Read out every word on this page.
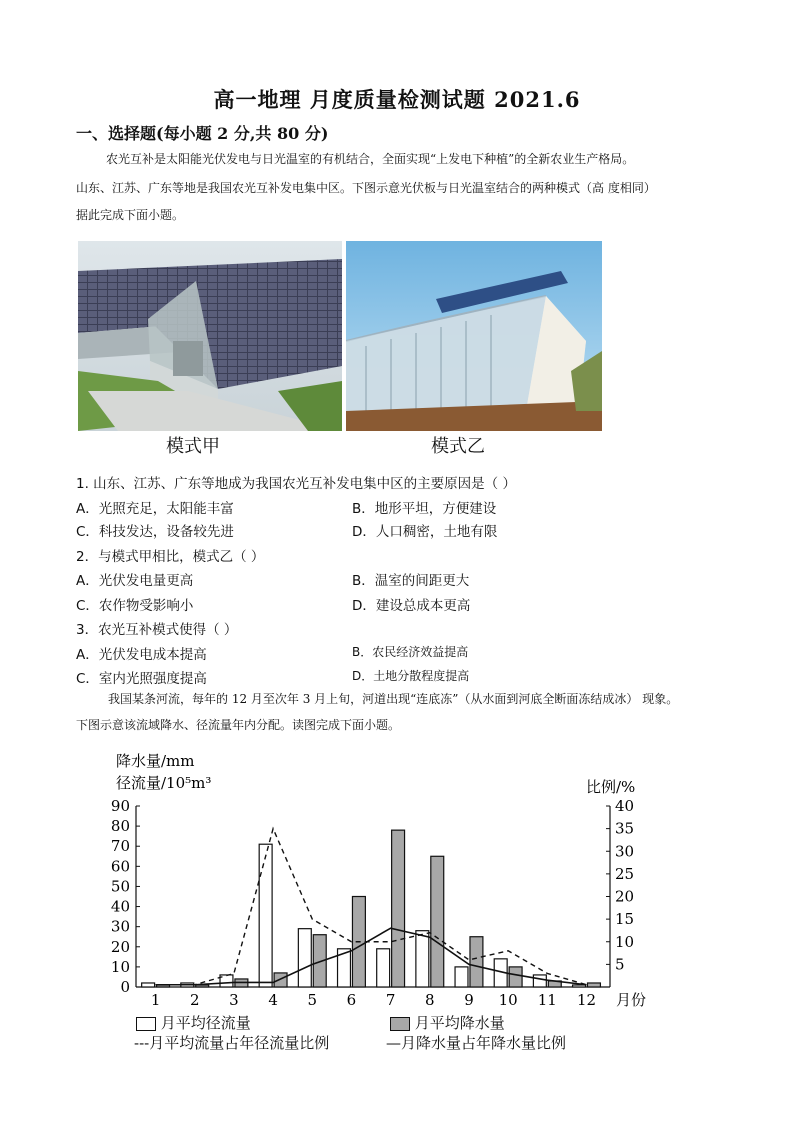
高一地理 月度质量检测试题 2021.6
一、选择题(每小题 2 分,共 80 分)
农光互补是太阳能光伏发电与日光温室的有机结合，全面实现“上发电下种植”的全新农业生产格局。
山东、江苏、广东等地是我国农光互补发电集中区。下图示意光伏板与日光温室结合的两种模式（高 度相同）
据此完成下面小题。
模式甲	模式乙
1. 山东、江苏、广东等地成为我国农光互补发电集中区的主要原因是（ ）
A．光照充足，太阳能丰富	B．地形平坦，方便建设
C．科技发达，设备较先进	D．人口稠密，土地有限
2．与模式甲相比，模式乙（ ）
A．光伏发电量更高	B．温室的间距更大
C．农作物受影响小	D．建设总成本更高
3．农光互补模式使得（ ）
A．光伏发电成本提高	B．农民经济效益提高
C．室内光照强度提高	D．土地分散程度提高
我国某条河流，每年的 12 月至次年 3 月上旬，河道出现“连底冻”（从水面到河底全断面冻结成冰） 现象。
下图示意该流域降水、径流量年内分配。读图完成下面小题。
降水量/mm
径流量/10⁵m³	比例/%
0
10
20
30
40
50
60
70
80
90
5
10
15
20
25
30
35
40
1 2 3 4 5 6 7 8 9 10 11 12 月份
月平均径流量	月平均降水量
---月平均流量占年径流量比例	—月降水量占年降水量比例
